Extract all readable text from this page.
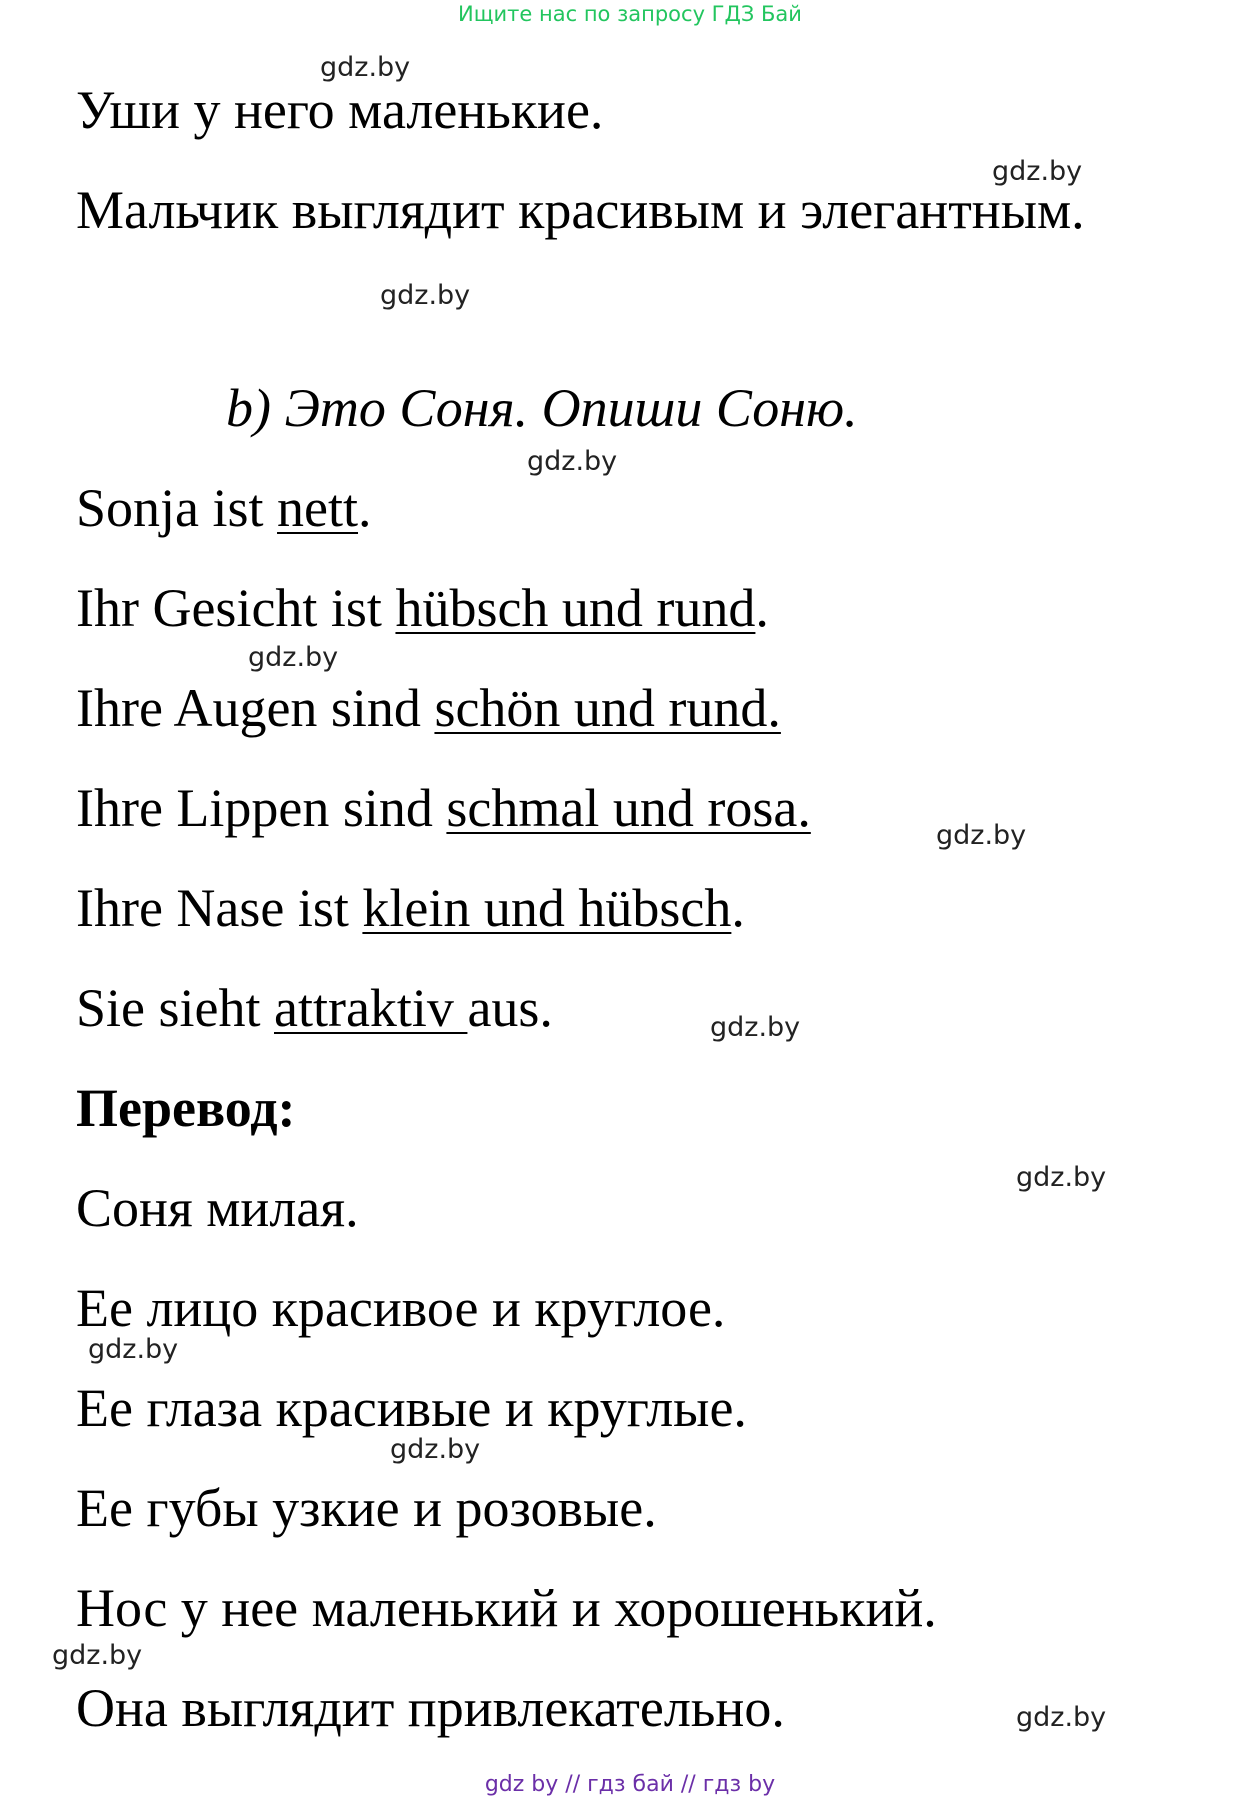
Ищите нас по запросу ГДЗ Бай
Уши у него маленькие.
Мальчик выглядит красивым и элегантным.
b) Это Соня. Опиши Соню.
Sonja ist nett.
Ihr Gesicht ist hübsch und rund.
Ihre Augen sind schön und rund.
Ihre Lippen sind schmal und rosa.
Ihre Nase ist klein und hübsch.
Sie sieht attraktiv aus.
Перевод:
Соня милая.
Ее лицо красивое и круглое.
Ее глаза красивые и круглые.
Ее губы узкие и розовые.
Нос у нее маленький и хорошенький.
Она выглядит привлекательно.
gdz.by
gdz.by
gdz.by
gdz.by
gdz.by
gdz.by
gdz.by
gdz.by
gdz.by
gdz.by
gdz.by
gdz.by
gdz by // гдз бай // гдз by
